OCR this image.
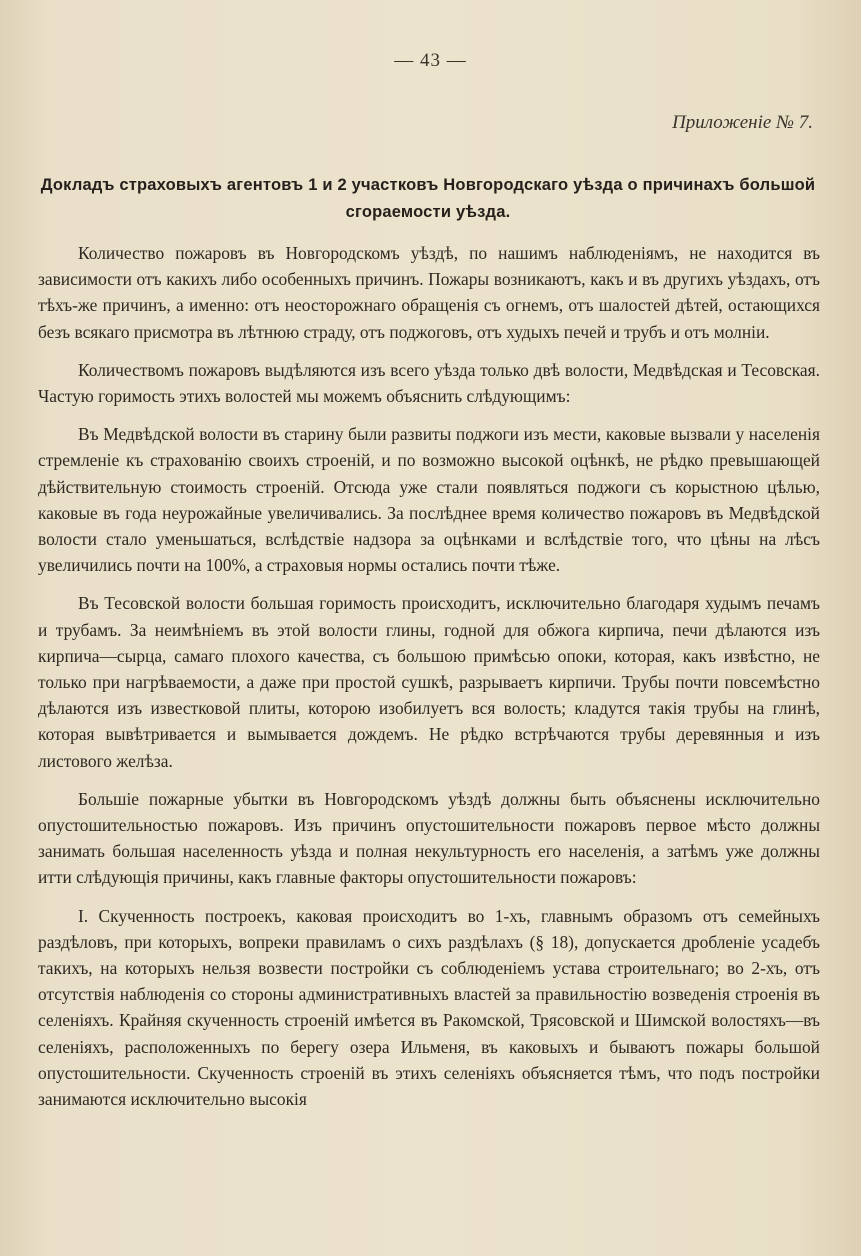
— 43 —
Приложеніе № 7.
Докладъ страховыхъ агентовъ 1 и 2 участковъ Новгородскаго уѣзда о причинахъ большой сгораемости уѣзда.

Количество пожаровъ въ Новгородскомъ уѣздѣ, по нашимъ наблюденіямъ, не находится въ зависимости отъ какихъ либо особенныхъ причинъ. Пожары возникаютъ, какъ и въ другихъ уѣздахъ, отъ тѣхъ-же причинъ, а именно: отъ неосторожнаго обращенія съ огнемъ, отъ шалостей дѣтей, остающихся безъ всякаго присмотра въ лѣтнюю страду, отъ поджоговъ, отъ худыхъ печей и трубъ и отъ молніи.

Количествомъ пожаровъ выдѣляются изъ всего уѣзда только двѣ волости, Медвѣдская и Тесовская. Частую горимость этихъ волостей мы можемъ объяснить слѣдующимъ:

Въ Медвѣдской волости въ старину были развиты поджоги изъ мести, каковые вызвали у населенія стремленіе къ страхованію своихъ строеній, и по возможно высокой оцѣнкѣ, не рѣдко превышающей дѣйствительную стоимость строеній. Отсюда уже стали появляться поджоги съ корыстною цѣлью, каковые въ года неурожайные увеличивались. За послѣднее время количество пожаровъ въ Медвѣдской волости стало уменьшаться, вслѣдствіе надзора за оцѣнками и вслѣдствіе того, что цѣны на лѣсъ увеличились почти на 100%, а страховыя нормы остались почти тѣже.

Въ Тесовской волости большая горимость происходитъ, исключительно благодаря худымъ печамъ и трубамъ. За неимѣніемъ въ этой волости глины, годной для обжога кирпича, печи дѣлаются изъ кирпича—сырца, самаго плохого качества, съ большою примѣсью опоки, которая, какъ извѣстно, не только при нагрѣваемости, а даже при простой сушкѣ, разрываетъ кирпичи. Трубы почти повсемѣстно дѣлаются изъ известковой плиты, которою изобилуетъ вся волость; кладутся такія трубы на глинѣ, которая вывѣтривается и вымывается дождемъ. Не рѣдко встрѣчаются трубы деревянныя и изъ листового желѣза.

Большіе пожарные убытки въ Новгородскомъ уѣздѣ должны быть объяснены исключительно опустошительностью пожаровъ. Изъ причинъ опустошительности пожаровъ первое мѣсто должны занимать большая населенность уѣзда и полная некультурность его населенія, а затѣмъ уже должны итти слѣдующія причины, какъ главные факторы опустошительности пожаровъ:

I. Скученность построекъ, каковая происходитъ во 1-хъ, главнымъ образомъ отъ семейныхъ раздѣловъ, при которыхъ, вопреки правиламъ о сихъ раздѣлахъ (§ 18), допускается дробленіе усадебъ такихъ, на которыхъ нельзя возвести постройки съ соблюденіемъ устава строительнаго; во 2-хъ, отъ отсутствія наблюденія со стороны административныхъ властей за правильностію возведенія строенія въ селеніяхъ. Крайняя скученность строеній имѣется въ Ракомской, Трясовской и Шимской волостяхъ—въ селеніяхъ, расположенныхъ по берегу озера Ильменя, въ каковыхъ и бываютъ пожары большой опустошительности. Скученность строеній въ этихъ селеніяхъ объясняется тѣмъ, что подъ постройки занимаются исключительно высокія
